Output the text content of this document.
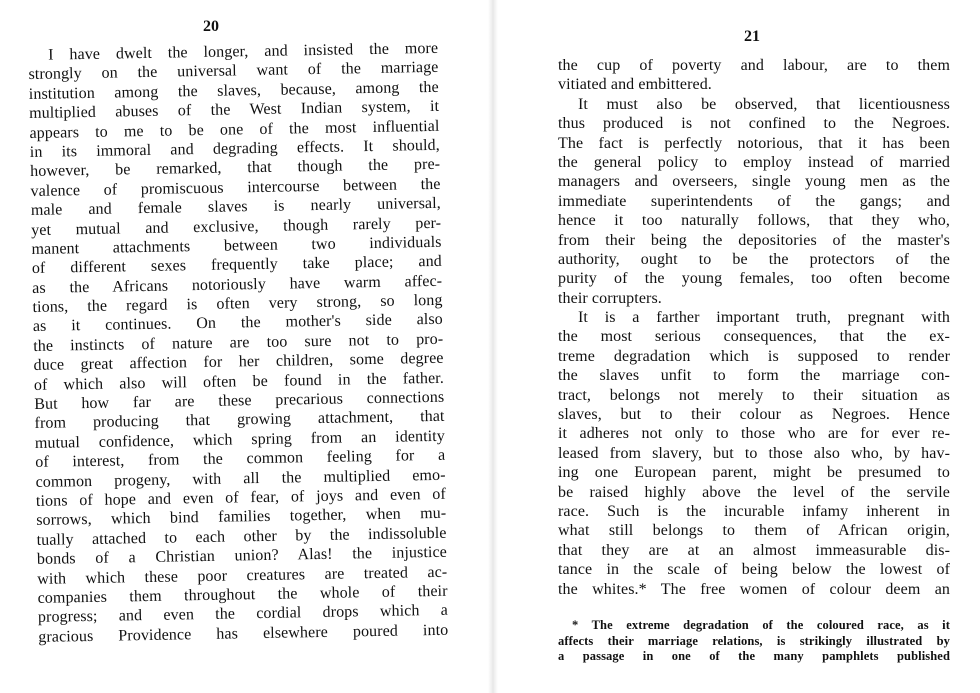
20
I have dwelt the longer, and insisted the more
strongly on the universal want of the marriage
institution among the slaves, because, among the
multiplied abuses of the West Indian system, it
appears to me to be one of the most influential
in its immoral and degrading effects. It should,
however, be remarked, that though the pre-
valence of promiscuous intercourse between the
male and female slaves is nearly universal,
yet mutual and exclusive, though rarely per-
manent attachments between two individuals
of different sexes frequently take place; and
as the Africans notoriously have warm affec-
tions, the regard is often very strong, so long
as it continues. On the mother's side also
the instincts of nature are too sure not to pro-
duce great affection for her children, some degree
of which also will often be found in the father.
But how far are these precarious connections
from producing that growing attachment, that
mutual confidence, which spring from an identity
of interest, from the common feeling for a
common progeny, with all the multiplied emo-
tions of hope and even of fear, of joys and even of
sorrows, which bind families together, when mu-
tually attached to each other by the indissoluble
bonds of a Christian union? Alas! the injustice
with which these poor creatures are treated ac-
companies them throughout the whole of their
progress; and even the cordial drops which a
gracious Providence has elsewhere poured into
21
the cup of poverty and labour, are to them
vitiated and embittered.
It must also be observed, that licentiousness
thus produced is not confined to the Negroes.
The fact is perfectly notorious, that it has been
the general policy to employ instead of married
managers and overseers, single young men as the
immediate superintendents of the gangs; and
hence it too naturally follows, that they who,
from their being the depositories of the master's
authority, ought to be the protectors of the
purity of the young females, too often become
their corrupters.
It is a farther important truth, pregnant with
the most serious consequences, that the ex-
treme degradation which is supposed to render
the slaves unfit to form the marriage con-
tract, belongs not merely to their situation as
slaves, but to their colour as Negroes. Hence
it adheres not only to those who are for ever re-
leased from slavery, but to those also who, by hav-
ing one European parent, might be presumed to
be raised highly above the level of the servile
race. Such is the incurable infamy inherent in
what still belongs to them of African origin,
that they are at an almost immeasurable dis-
tance in the scale of being below the lowest of
the whites.* The free women of colour deem an
* The extreme degradation of the coloured race, as it
affects their marriage relations, is strikingly illustrated by
a passage in one of the many pamphlets published
